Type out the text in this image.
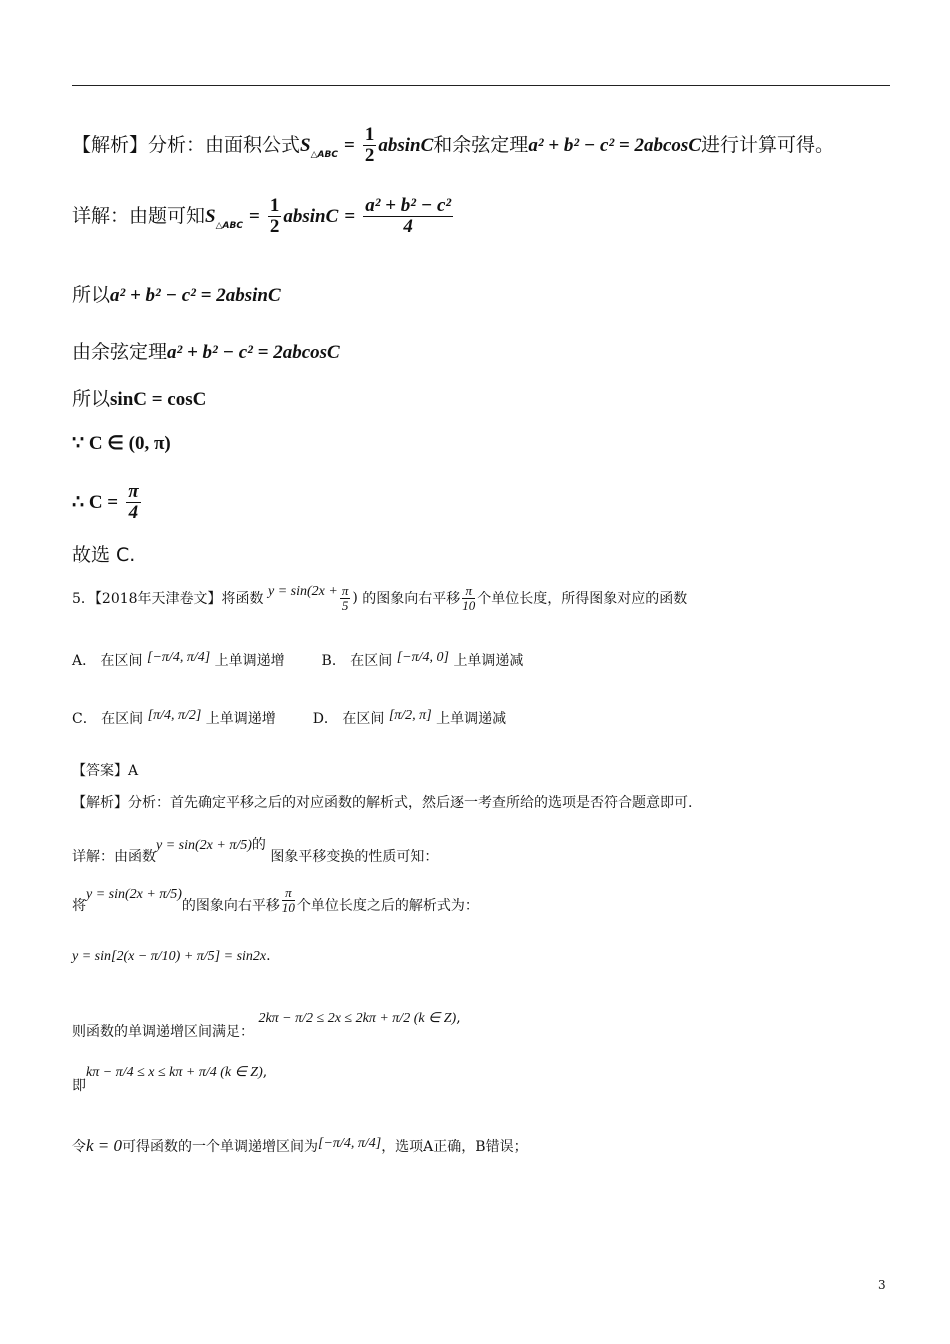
【解析】分析：由面积公式$S_{\triangle ABC} = \frac{1}{2}$ absinC和余弦定理a² + b² − c² = 2abcosC进行计算可得。
详解：由题可知$S_{\triangle ABC} = \frac{1}{2}$ $absinC = \frac{\text{a² + b² − c²}}{4}$
所以a² + b² − c² = 2absinC
由余弦定理a² + b² − c² = 2abcosC
所以sinC = cosC
∵ C ∈ (0, π)
∴ $C = \frac{\pi}{4}$
故选 C.
5．【2018年天津卷文】将函数 $y = \sin(2x + \frac{\pi}{5}$ ) 的图象向右平移 $\frac{\pi}{10}$ 个单位长度，所得图象对应的函数
A． 在区间 [−π/4, π/4] 上单调递增	B． 在区间 [−π/4, 0] 上单调递减
C． 在区间 [π/4, π/2] 上单调递增	D． 在区间 [π/2, π] 上单调递减
【答案】A
【解析】分析：首先确定平移之后的对应函数的解析式，然后逐一考查所给的选项是否符合题意即可.
详解：由函数y = sin(2x + π/5)的 图象平移变换的性质可知：
将y = sin(2x + π/5)的图象向右平移 $\frac{\pi}{10}$ 个单位长度之后的解析式为：
y = sin[2(x − π/10) + π/5] = sin2x.
则函数的单调递增区间满足： 2kπ − π/2 ≤ 2x ≤ 2kπ + π/2 (k ∈ Z),
即kπ − π/4 ≤ x ≤ kπ + π/4 (k ∈ Z),
令k = 0可得函数的一个单调递增区间为[−π/4, π/4]，选项A正确，B错误；
3
